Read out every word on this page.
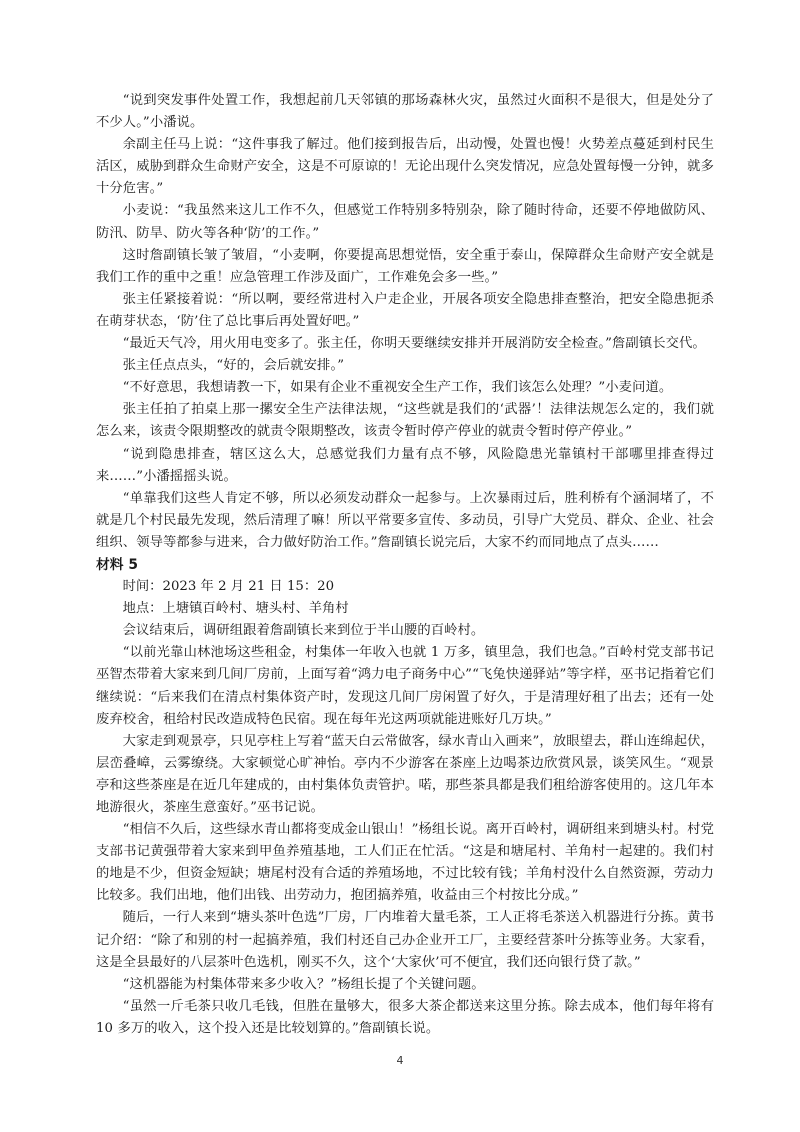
“说到突发事件处置工作，我想起前几天邻镇的那场森林火灾，虽然过火面积不是很大，但是处分了不少人。”小潘说。

余副主任马上说：“这件事我了解过。他们接到报告后，出动慢，处置也慢！火势差点蔓延到村民生活区，威胁到群众生命财产安全，这是不可原谅的！无论出现什么突发情况，应急处置每慢一分钟，就多十分危害。”

小麦说：“我虽然来这儿工作不久，但感觉工作特别多特别杂，除了随时待命，还要不停地做防风、防汛、防旱、防火等各种‘防’的工作。”

这时詹副镇长皱了皱眉，“小麦啊，你要提高思想觉悟，安全重于泰山，保障群众生命财产安全就是我们工作的重中之重！应急管理工作涉及面广，工作难免会多一些。”

张主任紧接着说：“所以啊，要经常进村入户走企业，开展各项安全隐患排查整治，把安全隐患扼杀在萌芽状态，‘防’住了总比事后再处置好吧。”

“最近天气冷，用火用电变多了。张主任，你明天要继续安排并开展消防安全检查。”詹副镇长交代。

张主任点点头，“好的，会后就安排。”

“不好意思，我想请教一下，如果有企业不重视安全生产工作，我们该怎么处理？”小麦问道。

张主任拍了拍桌上那一摞安全生产法律法规，“这些就是我们的‘武器’！法律法规怎么定的，我们就怎么来，该责令限期整改的就责令限期整改，该责令暂时停产停业的就责令暂时停产停业。”

“说到隐患排查，辖区这么大，总感觉我们力量有点不够，风险隐患光靠镇村干部哪里排查得过来……”小潘摇摇头说。

“单靠我们这些人肯定不够，所以必须发动群众一起参与。上次暴雨过后，胜利桥有个涵洞堵了，不就是几个村民最先发现，然后清理了嘛！所以平常要多宣传、多动员，引导广大党员、群众、企业、社会组织、领导等都参与进来，合力做好防治工作。”詹副镇长说完后，大家不约而同地点了点头……

材料 5

时间：2023 年 2 月 21 日 15：20

地点：上塘镇百岭村、塘头村、羊角村

会议结束后，调研组跟着詹副镇长来到位于半山腰的百岭村。

“以前光靠山林池场这些租金，村集体一年收入也就 1 万多，镇里急，我们也急。”百岭村党支部书记巫智杰带着大家来到几间厂房前，上面写着“鸿力电子商务中心”“飞兔快递驿站”等字样，巫书记指着它们继续说：“后来我们在清点村集体资产时，发现这几间厂房闲置了好久，于是清理好租了出去；还有一处废弃校舍，租给村民改造成特色民宿。现在每年光这两项就能进账好几万块。”

大家走到观景亭，只见亭柱上写着“蓝天白云常做客，绿水青山入画来”，放眼望去，群山连绵起伏，层峦叠嶂，云雾缭绕。大家顿觉心旷神怡。亭内不少游客在茶座上边喝茶边欣赏风景，谈笑风生。“观景亭和这些茶座是在近几年建成的，由村集体负责管护。喏，那些茶具都是我们租给游客使用的。这几年本地游很火，茶座生意蛮好。”巫书记说。

“相信不久后，这些绿水青山都将变成金山银山！”杨组长说。离开百岭村，调研组来到塘头村。村党支部书记黄强带着大家来到甲鱼养殖基地，工人们正在忙活。“这是和塘尾村、羊角村一起建的。我们村的地是不少，但资金短缺；塘尾村没有合适的养殖场地，不过比较有钱；羊角村没什么自然资源，劳动力比较多。我们出地，他们出钱、出劳动力，抱团搞养殖，收益由三个村按比分成。”

随后，一行人来到“塘头茶叶色选”厂房，厂内堆着大量毛茶，工人正将毛茶送入机器进行分拣。黄书记介绍：“除了和别的村一起搞养殖，我们村还自己办企业开工厂，主要经营茶叶分拣等业务。大家看，这是全县最好的八层茶叶色选机，刚买不久，这个‘大家伙’可不便宜，我们还向银行贷了款。”

“这机器能为村集体带来多少收入？”杨组长提了个关键问题。

“虽然一斤毛茶只收几毛钱，但胜在量够大，很多大茶企都送来这里分拣。除去成本，他们每年将有 10 多万的收入，这个投入还是比较划算的。”詹副镇长说。

4
